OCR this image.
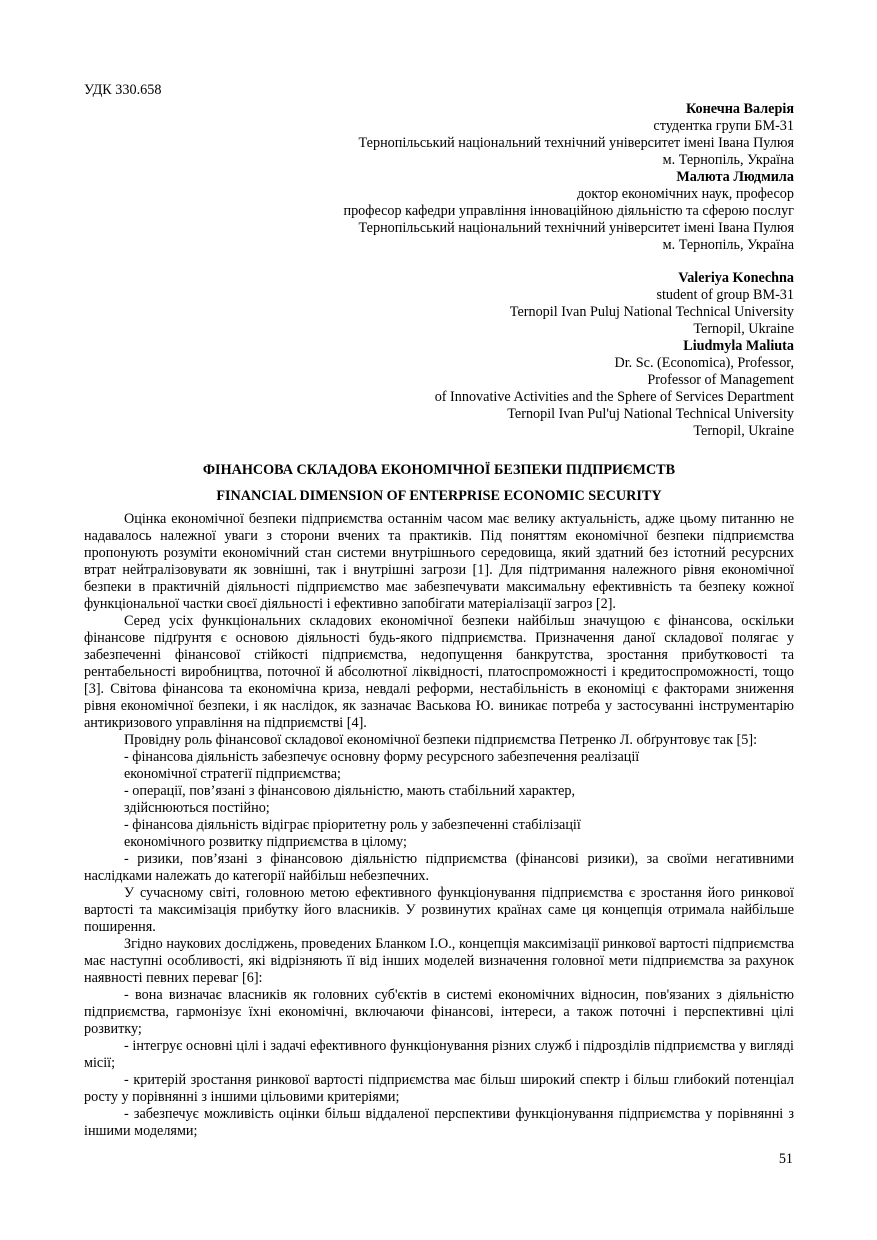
УДК 330.658
Конечна Валерія
студентка групи БМ-31
Тернопільський національний технічний університет імені Івана Пулюя
м. Тернопіль, Україна
Малюта Людмила
доктор економічних наук, професор
професор кафедри управління інноваційною діяльністю та сферою послуг
Тернопільський національний технічний університет імені Івана Пулюя
м. Тернопіль, Україна
Valeriya Konechna
student of group BM-31
Ternopil Ivan Puluj National Technical University
Ternopil, Ukraine
Liudmyla Maliuta
Dr. Sc. (Economica), Professor,
Professor of Management
of Innovative Activities and the Sphere of Services Department
Ternopil Ivan Pul'uj National Technical University
Ternopil, Ukraine
ФІНАНСОВА СКЛАДОВА ЕКОНОМІЧНОЇ БЕЗПЕКИ ПІДПРИЄМСТВ
FINANCIAL DIMENSION OF ENTERPRISE ECONOMIC SECURITY

Оцінка економічної безпеки підприємства останнім часом має велику актуальність, адже цьому питанню не надавалось належної уваги з сторони вчених та практиків. Під поняттям економічної безпеки підприємства пропонують розуміти економічний стан системи внутрішнього середовища, який здатний без істотний ресурсних втрат нейтралізовувати як зовнішні, так і внутрішні загрози [1]. Для підтримання належного рівня економічної безпеки в практичній діяльності підприємство має забезпечувати максимальну ефективність та безпеку кожної функціональної частки своєї діяльності і ефективно запобігати матеріалізації загроз [2].

Серед усіх функціональних складових економічної безпеки найбільш значущою є фінансова, оскільки фінансове підґрунтя є основою діяльності будь-якого підприємства. Призначення даної складової полягає у забезпеченні фінансової стійкості підприємства, недопущення банкрутства, зростання прибутковості та рентабельності виробництва, поточної й абсолютної ліквідності, платоспроможності і кредитоспроможності, тощо [3]. Світова фінансова та економічна криза, невдалі реформи, нестабільність в економіці є факторами зниження рівня економічної безпеки, і як наслідок, як зазначає Васькова Ю. виникає потреба у застосуванні інструментарію антикризового управління на підприємстві [4].

Провідну роль фінансової складової економічної безпеки підприємства Петренко Л. обґрунтовує так [5]:

- фінансова діяльність забезпечує основну форму ресурсного забезпечення реалізації
економічної стратегії підприємства;
- операції, пов’язані з фінансовою діяльністю, мають стабільний характер,
здійснюються постійно;
- фінансова діяльність відіграє пріоритетну роль у забезпеченні стабілізації
економічного розвитку підприємства в цілому;

- ризики, пов’язані з фінансовою діяльністю підприємства (фінансові ризики), за своїми негативними наслідками належать до категорії найбільш небезпечних.

У сучасному світі, головною метою ефективного функціонування підприємства є зростання його ринкової вартості та максимізація прибутку його власників. У розвинутих країнах саме ця концепція отримала найбільше поширення.

Згідно наукових досліджень, проведених Бланком І.О., концепція максимізації ринкової вартості підприємства має наступні особливості, які відрізняють її від інших моделей визначення головної мети підприємства за рахунок наявності певних переваг [6]:

- вона визначає власників як головних суб'єктів в системі економічних відносин, пов'язаних з діяльністю підприємства, гармонізує їхні економічні, включаючи фінансові, інтереси, а також поточні і перспективні цілі розвитку;

- інтегрує основні цілі і задачі ефективного функціонування різних служб і підрозділів підприємства у вигляді місії;

- критерій зростання ринкової вартості підприємства має більш широкий спектр і більш глибокий потенціал росту у порівнянні з іншими цільовими критеріями;

- забезпечує можливість оцінки більш віддаленої перспективи функціонування підприємства у порівнянні з іншими моделями;

51
